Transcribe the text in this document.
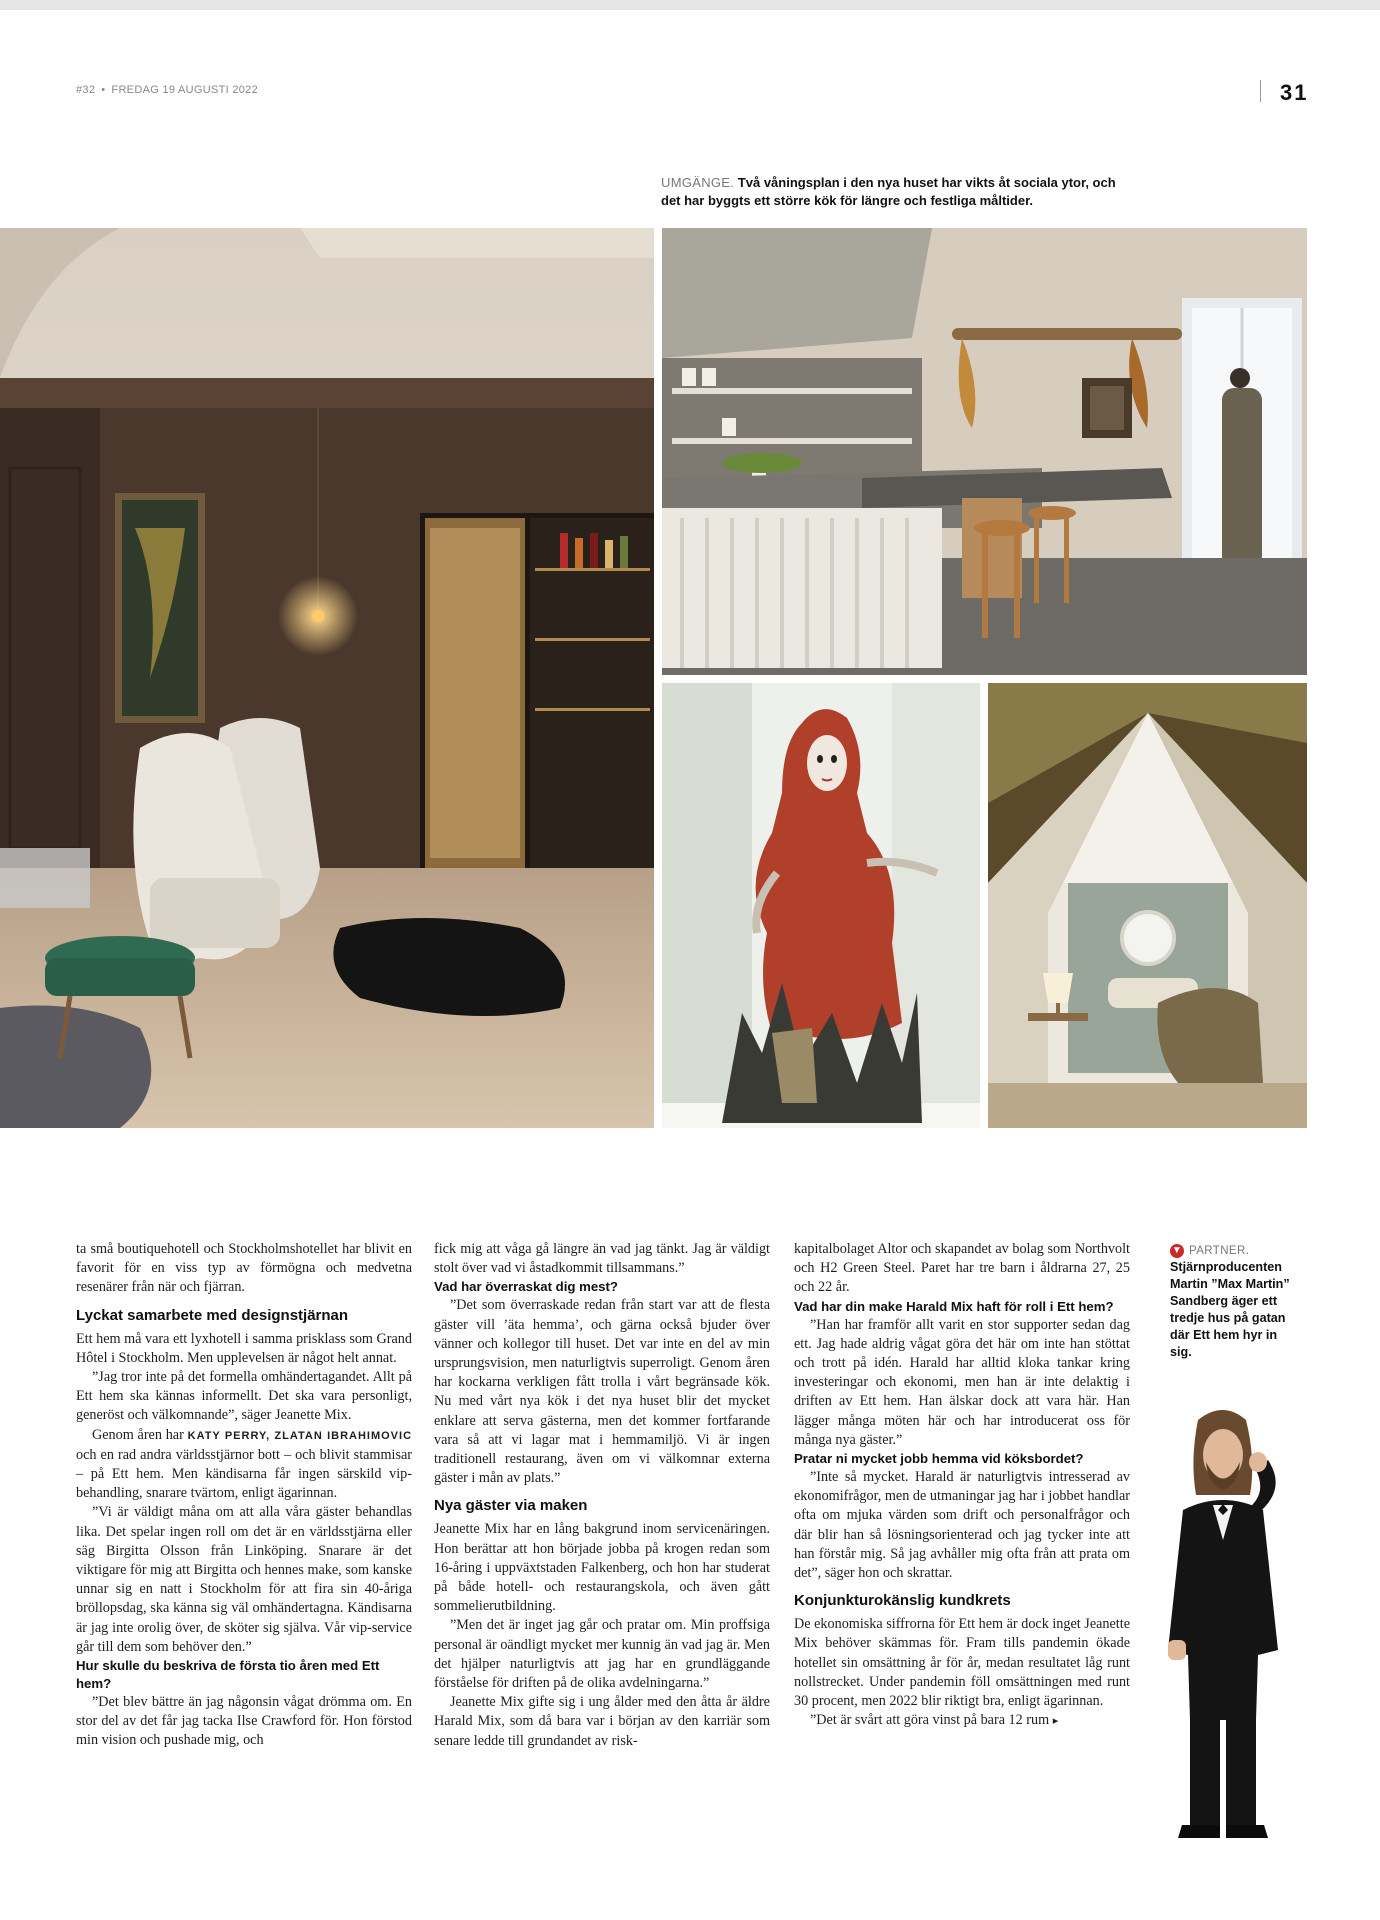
#32 • FREDAG 19 AUGUSTI 2022	31
UMGÄNGE. Två våningsplan i den nya huset har vikts åt sociala ytor, och det har byggts ett större kök för längre och festliga måltider.

ta små boutiquehotell och Stockholmshotellet har blivit en favorit för en viss typ av förmögna och medvetna resenärer från när och fjärran.

Lyckat samarbete med designstjärnan

Ett hem må vara ett lyxhotell i samma prisklass som Grand Hôtel i Stockholm. Men upplevelsen är något helt annat.

”Jag tror inte på det formella omhändertagandet. Allt på Ett hem ska kännas informellt. Det ska vara personligt, generöst och välkomnande”, säger Jeanette Mix.

Genom åren har KATY PERRY, ZLATAN IBRAHIMOVIC och en rad andra världsstjärnor bott – och blivit stammisar – på Ett hem. Men kändisarna får ingen särskild vip-behandling, snarare tvärtom, enligt ägarinnan.

”Vi är väldigt måna om att alla våra gäster behandlas lika. Det spelar ingen roll om det är en världsstjärna eller säg Birgitta Olsson från Linköping. Snarare är det viktigare för mig att Birgitta och hennes make, som kanske unnar sig en natt i Stockholm för att fira sin 40-åriga bröllopsdag, ska känna sig väl omhändertagna. Kändisarna är jag inte orolig över, de sköter sig själva. Vår vip-service går till dem som behöver den.”

Hur skulle du beskriva de första tio åren med Ett hem?

”Det blev bättre än jag någonsin vågat drömma om. En stor del av det får jag tacka Ilse Crawford för. Hon förstod min vision och pushade mig, och

fick mig att våga gå längre än vad jag tänkt. Jag är väldigt stolt över vad vi åstadkommit tillsammans.”

Vad har överraskat dig mest?

”Det som överraskade redan från start var att de flesta gäster vill ’äta hemma’, och gärna också bjuder över vänner och kollegor till huset. Det var inte en del av min ursprungsvision, men naturligtvis superroligt. Genom åren har kockarna verkligen fått trolla i vårt begränsade kök. Nu med vårt nya kök i det nya huset blir det mycket enklare att serva gästerna, men det kommer fortfarande vara så att vi lagar mat i hemmamiljö. Vi är ingen traditionell restaurang, även om vi välkomnar externa gäster i mån av plats.”

Nya gäster via maken

Jeanette Mix har en lång bakgrund inom servicenäringen. Hon berättar att hon började jobba på krogen redan som 16-åring i uppväxtstaden Falkenberg, och hon har studerat på både hotell- och restaurangskola, och även gått sommelierutbildning.

”Men det är inget jag går och pratar om. Min proffsiga personal är oändligt mycket mer kunnig än vad jag är. Men det hjälper naturligtvis att jag har en grundläggande förståelse för driften på de olika avdelningarna.”

Jeanette Mix gifte sig i ung ålder med den åtta år äldre Harald Mix, som då bara var i början av den karriär som senare ledde till grundandet av risk-

kapitalbolaget Altor och skapandet av bolag som Northvolt och H2 Green Steel. Paret har tre barn i åldrarna 27, 25 och 22 år.

Vad har din make Harald Mix haft för roll i Ett hem?

”Han har framför allt varit en stor supporter sedan dag ett. Jag hade aldrig vågat göra det här om inte han stöttat och trott på idén. Harald har alltid kloka tankar kring investeringar och ekonomi, men han är inte delaktig i driften av Ett hem. Han älskar dock att vara här. Han lägger många möten här och har introducerat oss för många nya gäster.”

Pratar ni mycket jobb hemma vid köksbordet?

”Inte så mycket. Harald är naturligtvis intresserad av ekonomifrågor, men de utmaningar jag har i jobbet handlar ofta om mjuka värden som drift och personalfrågor och där blir han så lösningsorienterad och jag tycker inte att han förstår mig. Så jag avhåller mig ofta från att prata om det”, säger hon och skrattar.

Konjunkturokänslig kundkrets

De ekonomiska siffrorna för Ett hem är dock inget Jeanette Mix behöver skämmas för. Fram tills pandemin ökade hotellet sin omsättning år för år, medan resultatet låg runt nollstrecket. Under pandemin föll omsättningen med runt 30 procent, men 2022 blir riktigt bra, enligt ägarinnan.

”Det är svårt att göra vinst på bara 12 rum ▸

▼ PARTNER.
Stjärnproducenten Martin ”Max Martin” Sandberg äger ett tredje hus på gatan där Ett hem hyr in sig.
